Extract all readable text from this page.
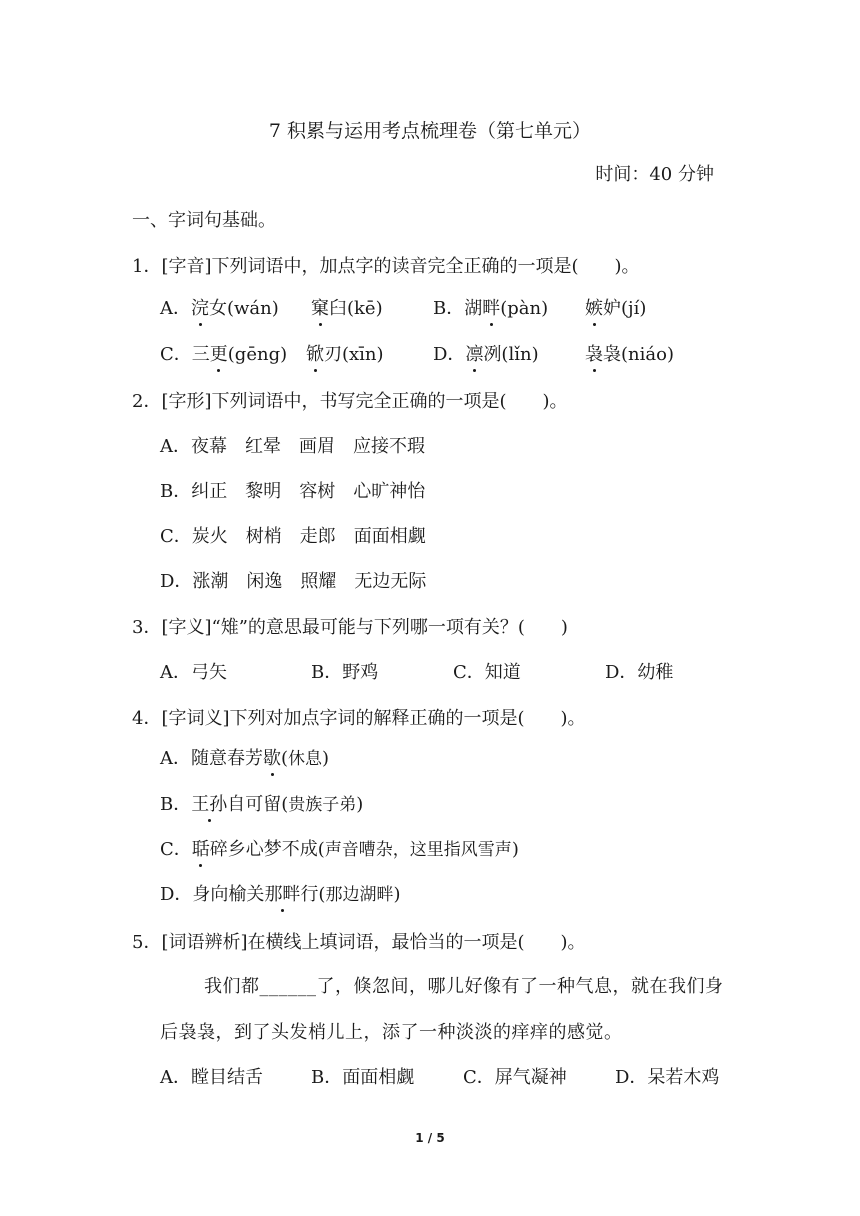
7 积累与运用考点梳理卷（第七单元）
时间：40 分钟
一、字词句基础。
1．[字音]下列词语中，加点字的读音完全正确的一项是(　　)。
A．浣女(wán) 窠臼(kē)	B．湖畔(pàn) 嫉妒(jí)
C．三更(gēng) 锨刃(xīn)	D．凛冽(lǐn)	袅袅(niáo)
2．[字形]下列词语中，书写完全正确的一项是(　　)。
A．夜幕　红晕　画眉　应接不瑕
B．纠正　黎明　容树　心旷神怡
C．炭火　树梢　走郎　面面相觑
D．涨潮　闲逸　照耀　无边无际
3．[字义]“雉”的意思最可能与下列哪一项有关？(　　)
A．弓矢	B．野鸡	C．知道	D．幼稚
4．[字词义]下列对加点字词的解释正确的一项是(　　)。
A．随意春芳歇(休息)
B．王孙自可留(贵族子弟)
C．聒碎乡心梦不成(声音嘈杂，这里指风雪声)
D．身向榆关那畔行(那边湖畔)
5．[词语辨析]在横线上填词语，最恰当的一项是(　　)。
我们都______了，倏忽间，哪儿好像有了一种气息，就在我们身
后袅袅，到了头发梢儿上，添了一种淡淡的痒痒的感觉。
A．瞠目结舌	B．面面相觑	C．屏气凝神	D．呆若木鸡
1 / 5
